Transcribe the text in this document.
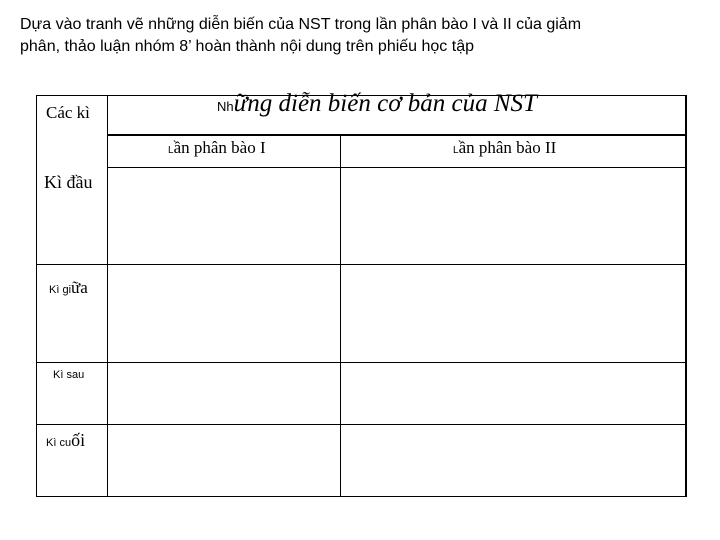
Dựa vào tranh vẽ những diễn biến của NST trong lần phân bào I và II của giảm
phân, thảo luận nhóm 8’ hoàn thành nội dung trên phiếu học tập
Các kì	Những diễn biến cơ bản của NST
Lần phân bào I	Lần phân bào II
Kì đầu
Kì giữa
Kì sau
Kì cuối
